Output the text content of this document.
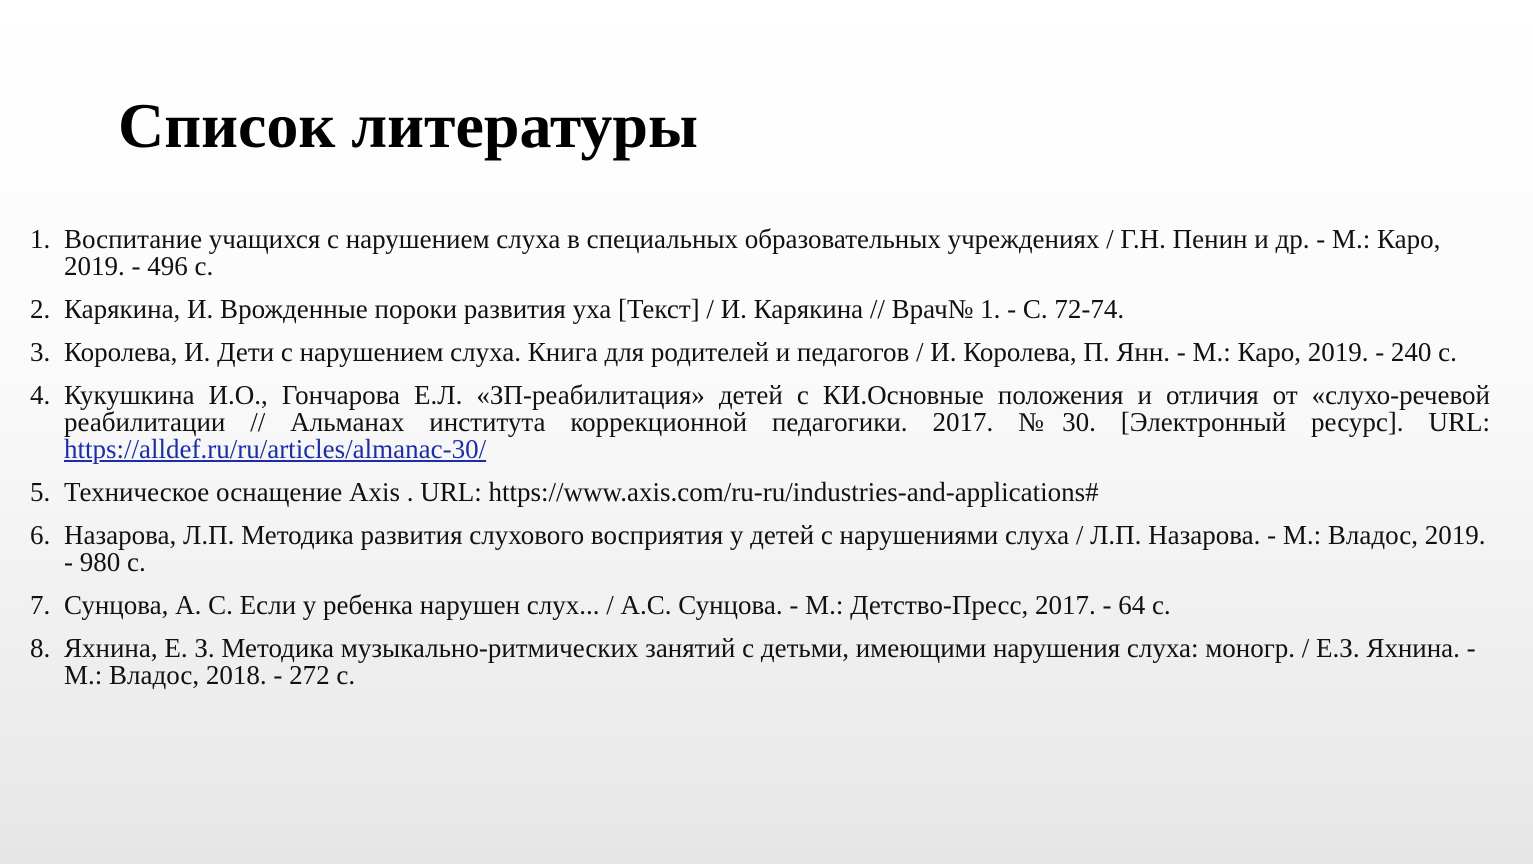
Список литературы
1. Воспитание учащихся с нарушением слуха в специальных образовательных учреждениях / Г.Н. Пенин и др. - М.: Каро, 2019. - 496 с.
2. Карякина, И. Врожденные пороки развития уха [Текст] / И. Карякина // Врач№ 1. - С. 72-74.
3. Королева, И. Дети с нарушением слуха. Книга для родителей и педагогов / И. Королева, П. Янн. - М.: Каро, 2019. - 240 с.
4. Кукушкина И.О., Гончарова Е.Л. «ЗП-реабилитация» детей с КИ.Основные положения и отличия от «слухо-речевой реабилитации // Альманах института коррекционной педагогики. 2017. №30. [Электронный ресурс]. URL: https://alldef.ru/ru/articles/almanac-30/
5. Техническое оснащение Axis . URL: https://www.axis.com/ru-ru/industries-and-applications#
6. Назарова, Л.П. Методика развития слухового восприятия у детей с нарушениями слуха / Л.П. Назарова. - М.: Владос, 2019. - 980 с.
7. Сунцова, А. С. Если у ребенка нарушен слух... / А.С. Сунцова. - М.: Детство-Пресс, 2017. - 64 с.
8. Яхнина, Е. З. Методика музыкально-ритмических занятий с детьми, имеющими нарушения слуха: моногр. / Е.З. Яхнина. - М.: Владос, 2018. - 272 с.
